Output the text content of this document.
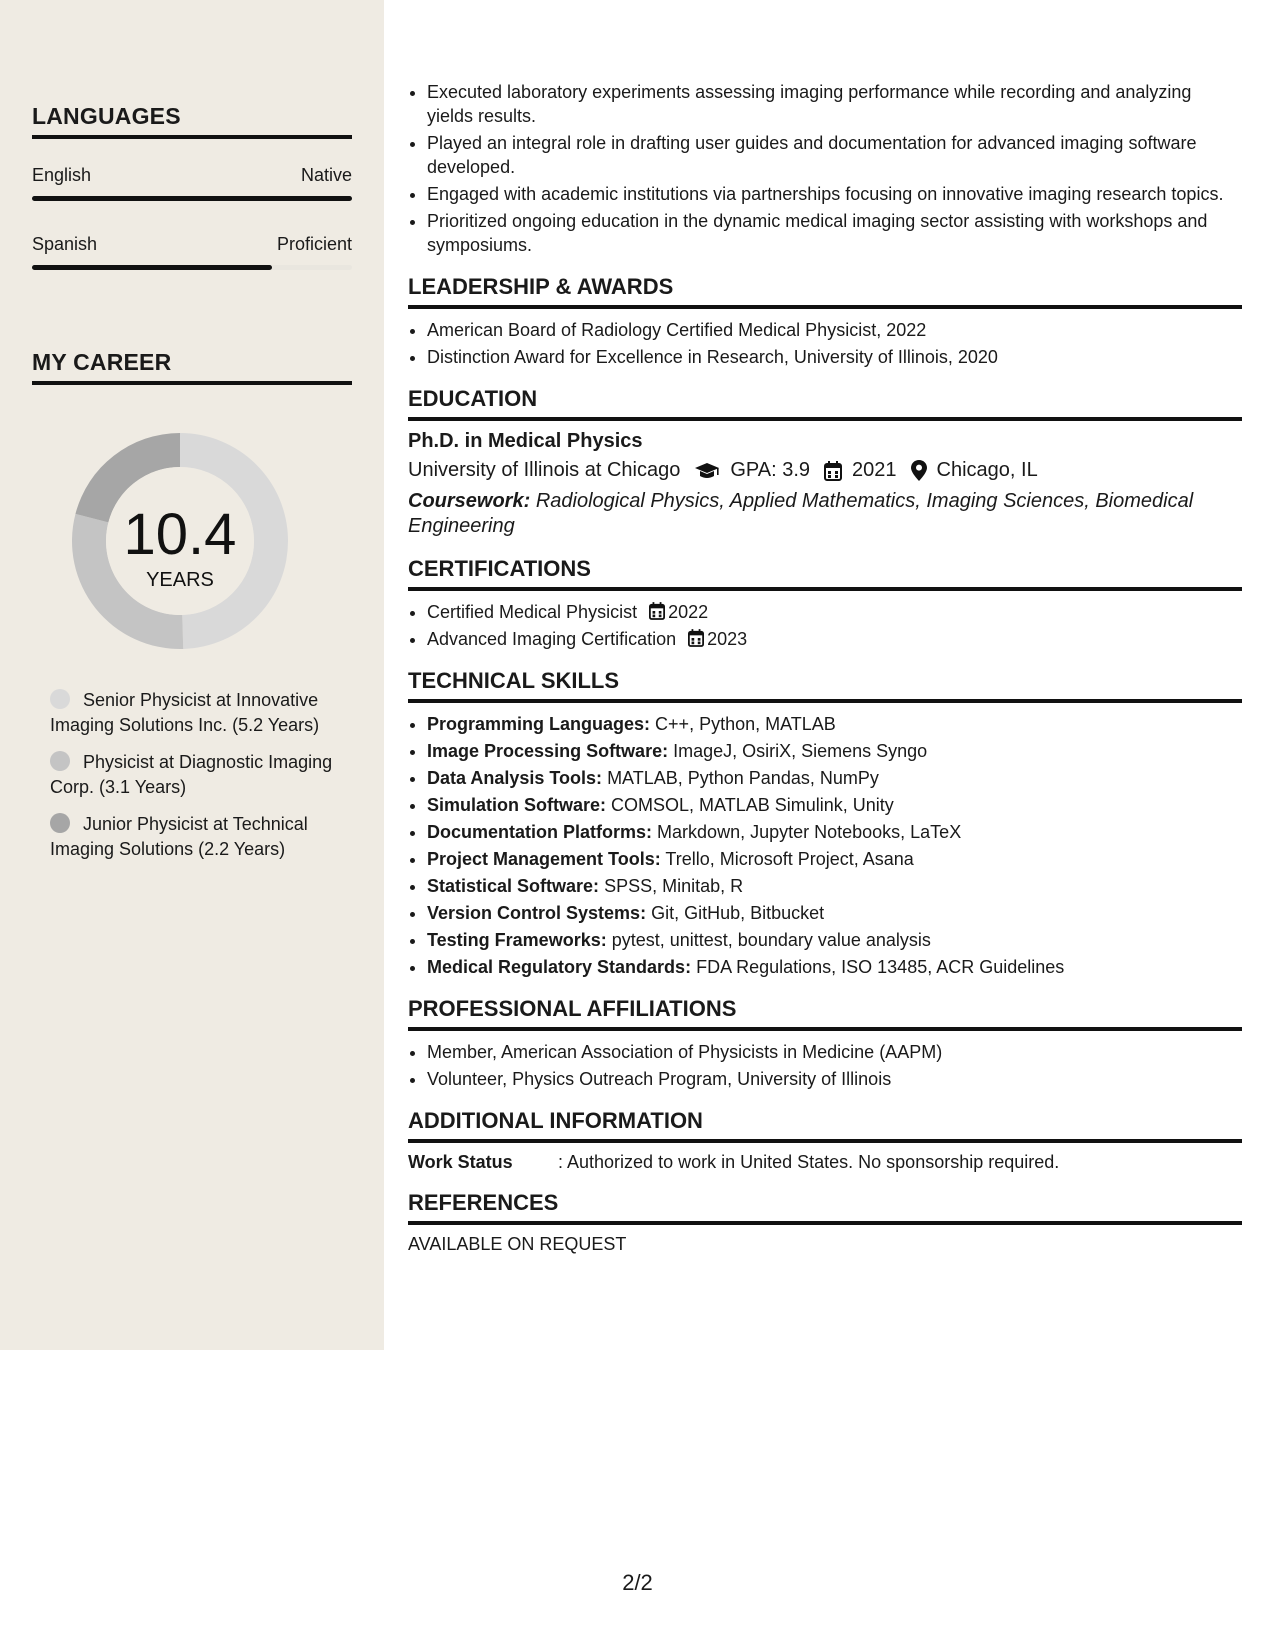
LANGUAGES
English	Native
Spanish	Proficient
MY CAREER
10.4
YEARS
Senior Physicist at Innovative Imaging Solutions Inc. (5.2 Years)
Physicist at Diagnostic Imaging Corp. (3.1 Years)
Junior Physicist at Technical Imaging Solutions (2.2 Years)
• Executed laboratory experiments assessing imaging performance while recording and analyzing yields results.
• Played an integral role in drafting user guides and documentation for advanced imaging software developed.
• Engaged with academic institutions via partnerships focusing on innovative imaging research topics.
• Prioritized ongoing education in the dynamic medical imaging sector assisting with workshops and symposiums.
LEADERSHIP & AWARDS
• American Board of Radiology Certified Medical Physicist, 2022
• Distinction Award for Excellence in Research, University of Illinois, 2020
EDUCATION
Ph.D. in Medical Physics
University of Illinois at Chicago	GPA: 3.9 2021 Chicago, IL
Coursework: Radiological Physics, Applied Mathematics, Imaging Sciences, Biomedical Engineering
CERTIFICATIONS
• Certified Medical Physicist 2022
• Advanced Imaging Certification 2023
TECHNICAL SKILLS
• Programming Languages: C++, Python, MATLAB
• Image Processing Software: ImageJ, OsiriX, Siemens Syngo
• Data Analysis Tools: MATLAB, Python Pandas, NumPy
• Simulation Software: COMSOL, MATLAB Simulink, Unity
• Documentation Platforms: Markdown, Jupyter Notebooks, LaTeX
• Project Management Tools: Trello, Microsoft Project, Asana
• Statistical Software: SPSS, Minitab, R
• Version Control Systems: Git, GitHub, Bitbucket
• Testing Frameworks: pytest, unittest, boundary value analysis
• Medical Regulatory Standards: FDA Regulations, ISO 13485, ACR Guidelines
PROFESSIONAL AFFILIATIONS
• Member, American Association of Physicists in Medicine (AAPM)
• Volunteer, Physics Outreach Program, University of Illinois
ADDITIONAL INFORMATION
Work Status	: Authorized to work in United States. No sponsorship required.
REFERENCES
AVAILABLE ON REQUEST
2/2
